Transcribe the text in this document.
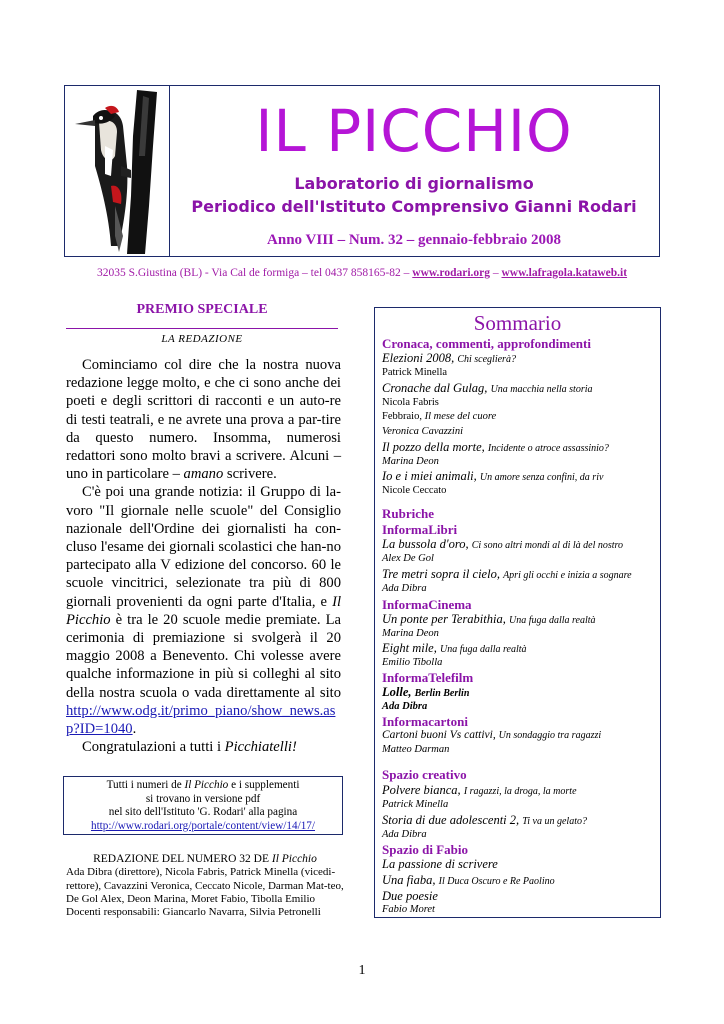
IL PICCHIO
Laboratorio di giornalismo
Periodico dell'Istituto Comprensivo Gianni Rodari
Anno VIII – Num. 32 – gennaio-febbraio 2008
32035 S.Giustina (BL) - Via Cal de formiga – tel 0437 858165-82 – www.rodari.org – www.lafragola.kataweb.it
PREMIO SPECIALE
LA REDAZIONE

Cominciamo col dire che la nostra nuova redazione legge molto, e che ci sono anche dei poeti e degli scrittori di racconti e un auto-re di testi teatrali, e ne avrete una prova a par-tire da questo numero. Insomma, numerosi redattori sono molto bravi a scrivere. Alcuni – uno in particolare – amano scrivere.

C'è poi una grande notizia: il Gruppo di la-voro "Il giornale nelle scuole" del Consiglio nazionale dell'Ordine dei giornalisti ha con-cluso l'esame dei giornali scolastici che han-no partecipato alla V edizione del concorso. 60 le scuole vincitrici, selezionate tra più di 800 giornali provenienti da ogni parte d'Italia, e Il Picchio è tra le 20 scuole medie premiate. La cerimonia di premiazione si svolgerà il 20 maggio 2008 a Benevento. Chi volesse avere qualche informazione in più si colleghi al sito della nostra scuola o vada direttamente al sito http://www.odg.it/primo_piano/show_news.asp?ID=1040.

Congratulazioni a tutti i Picchiatelli!

Tutti i numeri de Il Picchio e i supplementi
si trovano in versione pdf
nel sito dell'Istituto 'G. Rodari' alla pagina
http://www.rodari.org/portale/content/view/14/17/
REDAZIONE DEL NUMERO 32 DE Il Picchio
Ada Dibra (direttore), Nicola Fabris, Patrick Minella (vicedi-rettore), Cavazzini Veronica, Ceccato Nicole, Darman Mat-teo, De Gol Alex, Deon Marina, Moret Fabio, Tibolla Emilio Docenti responsabili: Giancarlo Navarra, Silvia Petronelli
Sommario
Cronaca, commenti, approfondimenti
Elezioni 2008, Chi sceglierà?
Patrick Minella
Cronache dal Gulag, Una macchia nella storia
Nicola Fabris
Febbraio, Il mese del cuore
Veronica Cavazzini
Il pozzo della morte, Incidente o atroce assassinio?
Marina Deon
Io e i miei animali, Un amore senza confini, da riv
Nicole Ceccato
Rubriche
InformaLibri
La bussola d'oro, Ci sono altri mondi al di là del nostro
Alex De Gol
Tre metri sopra il cielo, Apri gli occhi e inizia a sognare
Ada Dibra
InformaCinema
Un ponte per Terabithia, Una fuga dalla realtà
Marina Deon
Eight mile, Una fuga dalla realtà
Emilio Tibolla
InformaTelefilm
Lolle, Berlin Berlin
Ada Dibra
Informacartoni
Cartoni buoni Vs cattivi, Un sondaggio tra ragazzi
Matteo Darman
Spazio creativo
Polvere bianca, I ragazzi, la droga, la morte
Patrick Minella
Storia di due adolescenti 2, Ti va un gelato?
Ada Dibra
Spazio di Fabio
La passione di scrivere
Una fiaba, Il Duca Oscuro e Re Paolino
Due poesie
Fabio Moret
1
